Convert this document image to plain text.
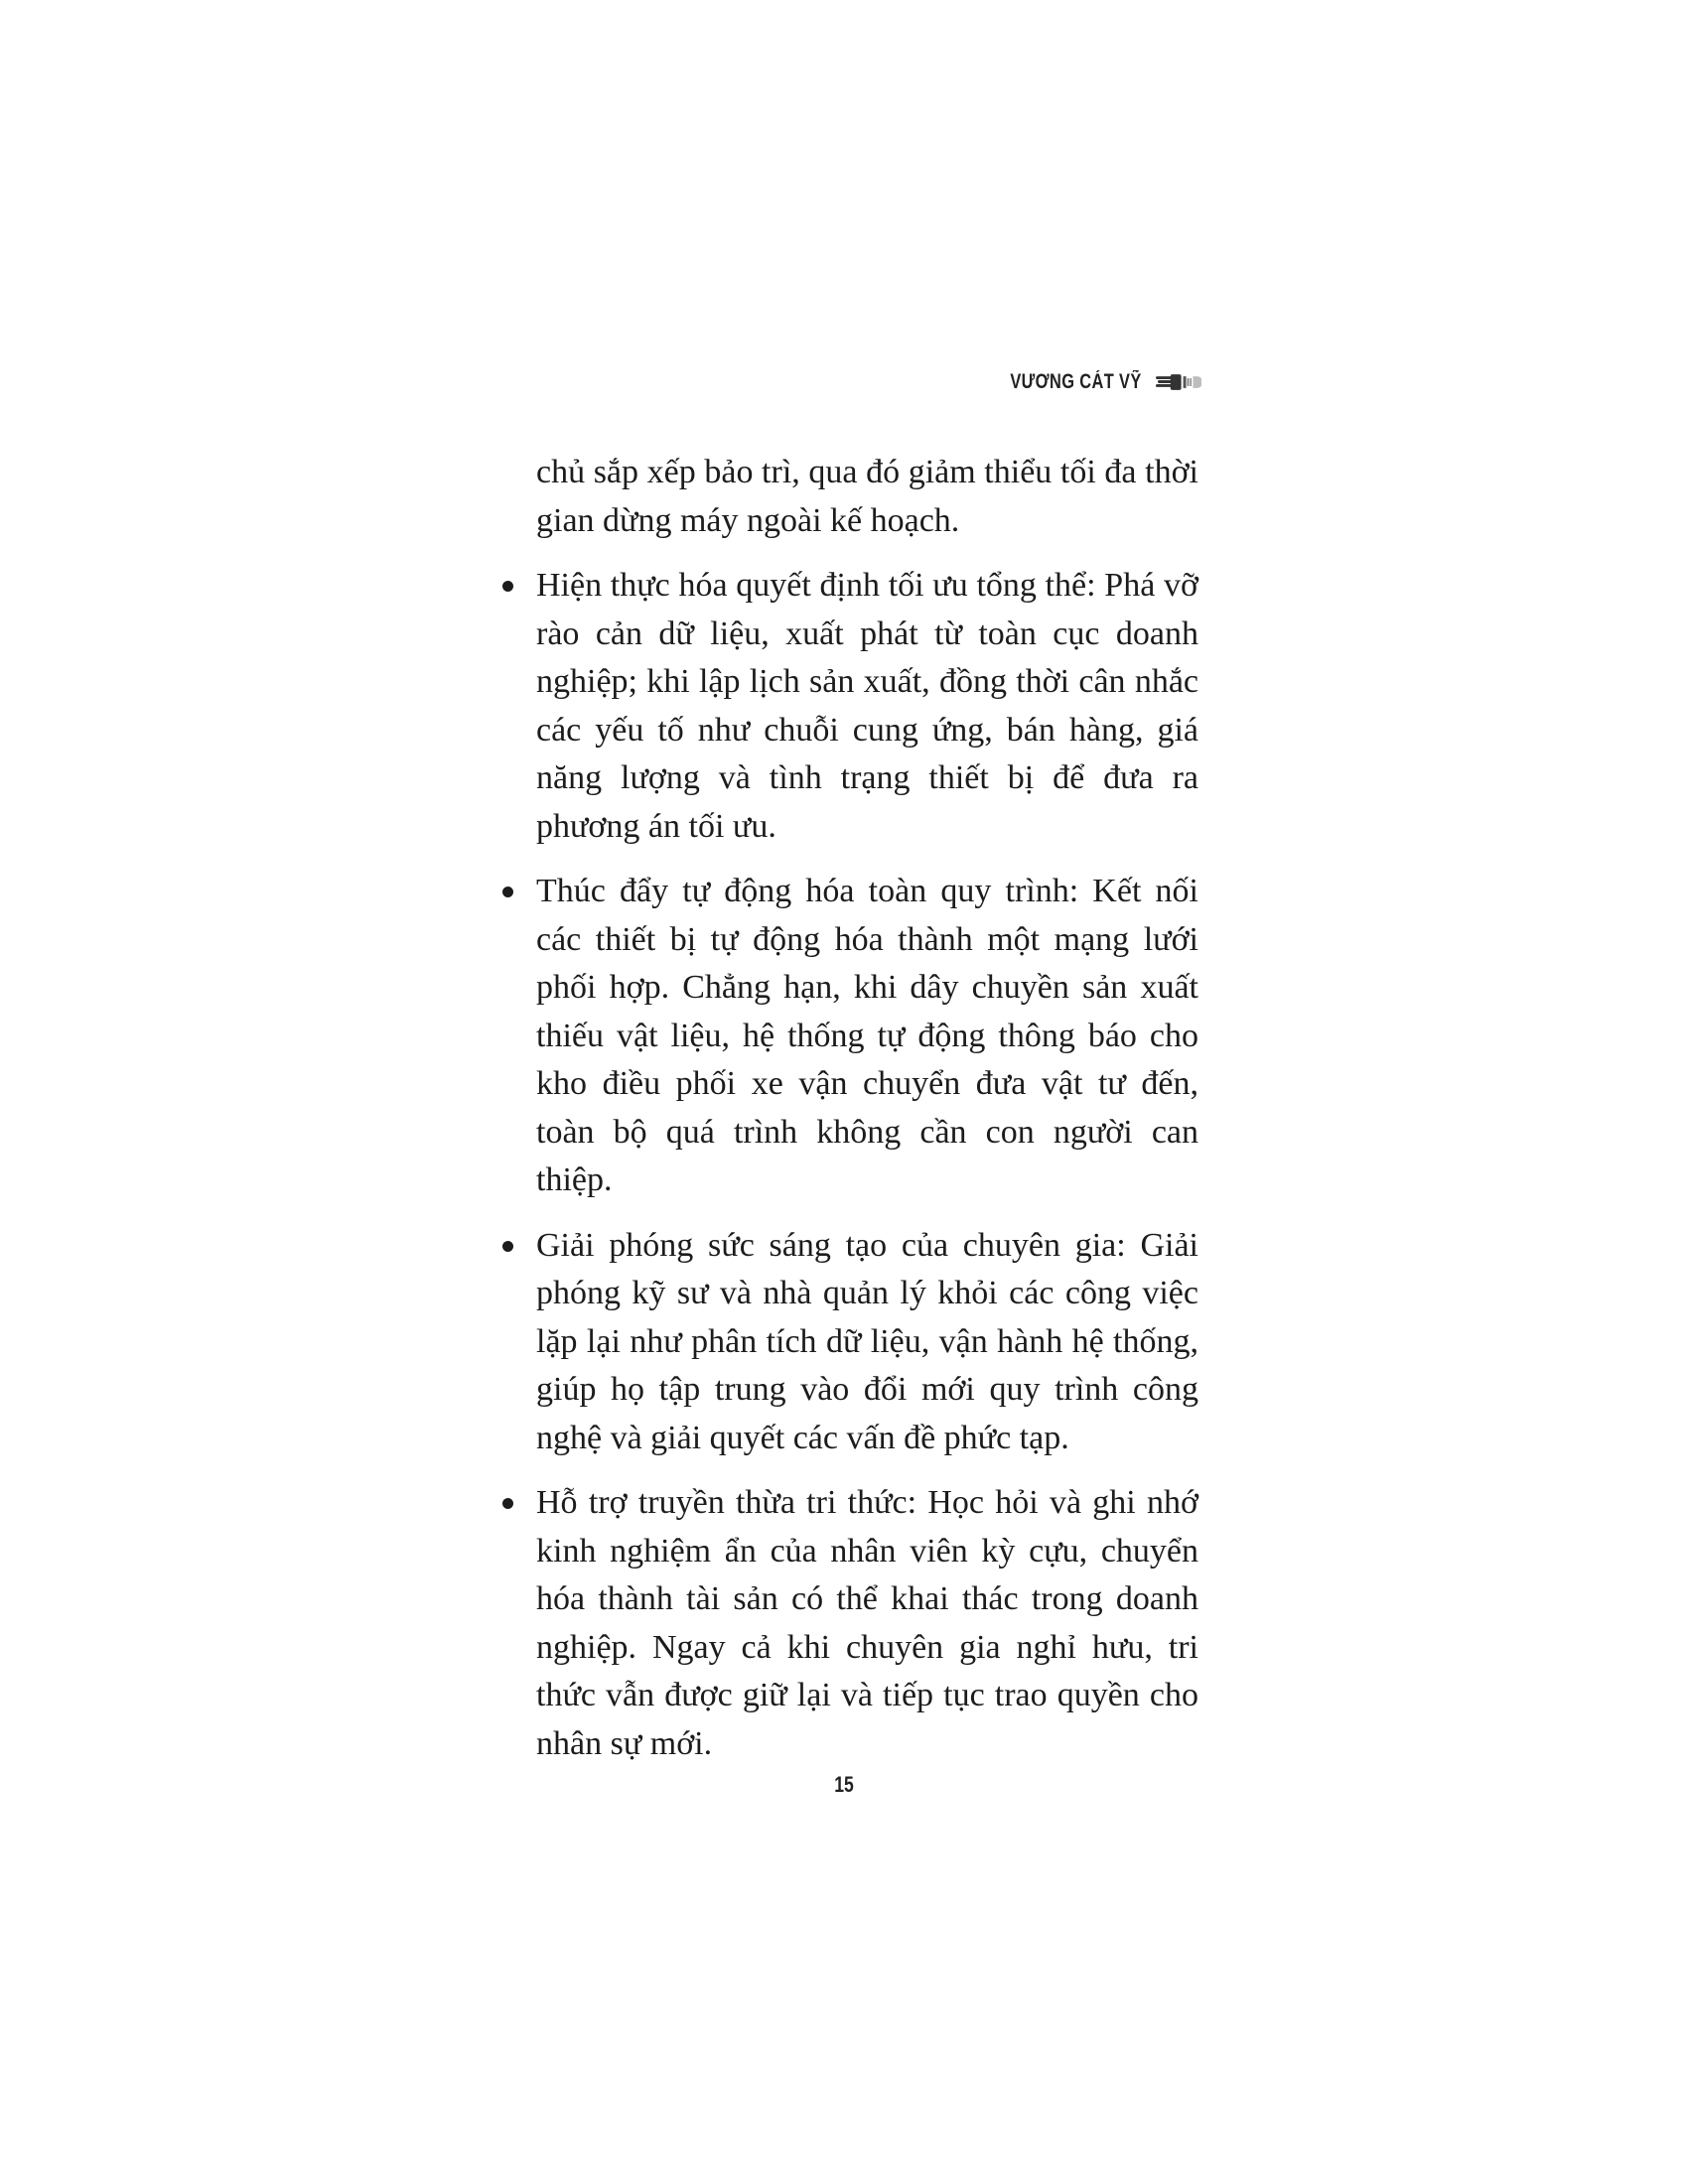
VƯƠNG CÁT VỸ

chủ sắp xếp bảo trì, qua đó giảm thiểu tối đa thời gian dừng máy ngoài kế hoạch.

Hiện thực hóa quyết định tối ưu tổng thể: Phá vỡ rào cản dữ liệu, xuất phát từ toàn cục doanh nghiệp; khi lập lịch sản xuất, đồng thời cân nhắc các yếu tố như chuỗi cung ứng, bán hàng, giá năng lượng và tình trạng thiết bị để đưa ra phương án tối ưu.
Thúc đẩy tự động hóa toàn quy trình: Kết nối các thiết bị tự động hóa thành một mạng lưới phối hợp. Chẳng hạn, khi dây chuyền sản xuất thiếu vật liệu, hệ thống tự động thông báo cho kho điều phối xe vận chuyển đưa vật tư đến, toàn bộ quá trình không cần con người can thiệp.
Giải phóng sức sáng tạo của chuyên gia: Giải phóng kỹ sư và nhà quản lý khỏi các công việc lặp lại như phân tích dữ liệu, vận hành hệ thống, giúp họ tập trung vào đổi mới quy trình công nghệ và giải quyết các vấn đề phức tạp.
Hỗ trợ truyền thừa tri thức: Học hỏi và ghi nhớ kinh nghiệm ẩn của nhân viên kỳ cựu, chuyển hóa thành tài sản có thể khai thác trong doanh nghiệp. Ngay cả khi chuyên gia nghỉ hưu, tri thức vẫn được giữ lại và tiếp tục trao quyền cho nhân sự mới.
15
